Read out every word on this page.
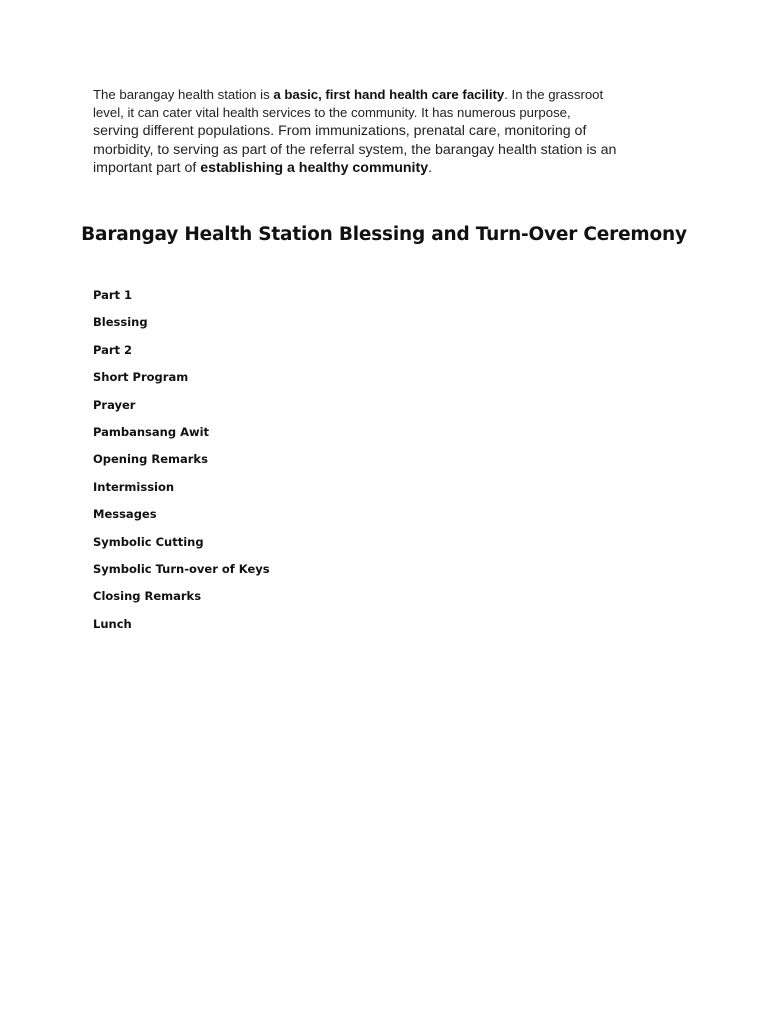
The barangay health station is a basic, first hand health care facility. In the grassroot
level, it can cater vital health services to the community. It has numerous purpose,
serving different populations. From immunizations, prenatal care, monitoring of
morbidity, to serving as part of the referral system, the barangay health station is an
important part of establishing a healthy community.

Barangay Health Station Blessing and Turn-Over Ceremony
Part 1
Blessing
Part 2
Short Program
Prayer
Pambansang Awit
Opening Remarks
Intermission
Messages
Symbolic Cutting
Symbolic Turn-over of Keys
Closing Remarks
Lunch
